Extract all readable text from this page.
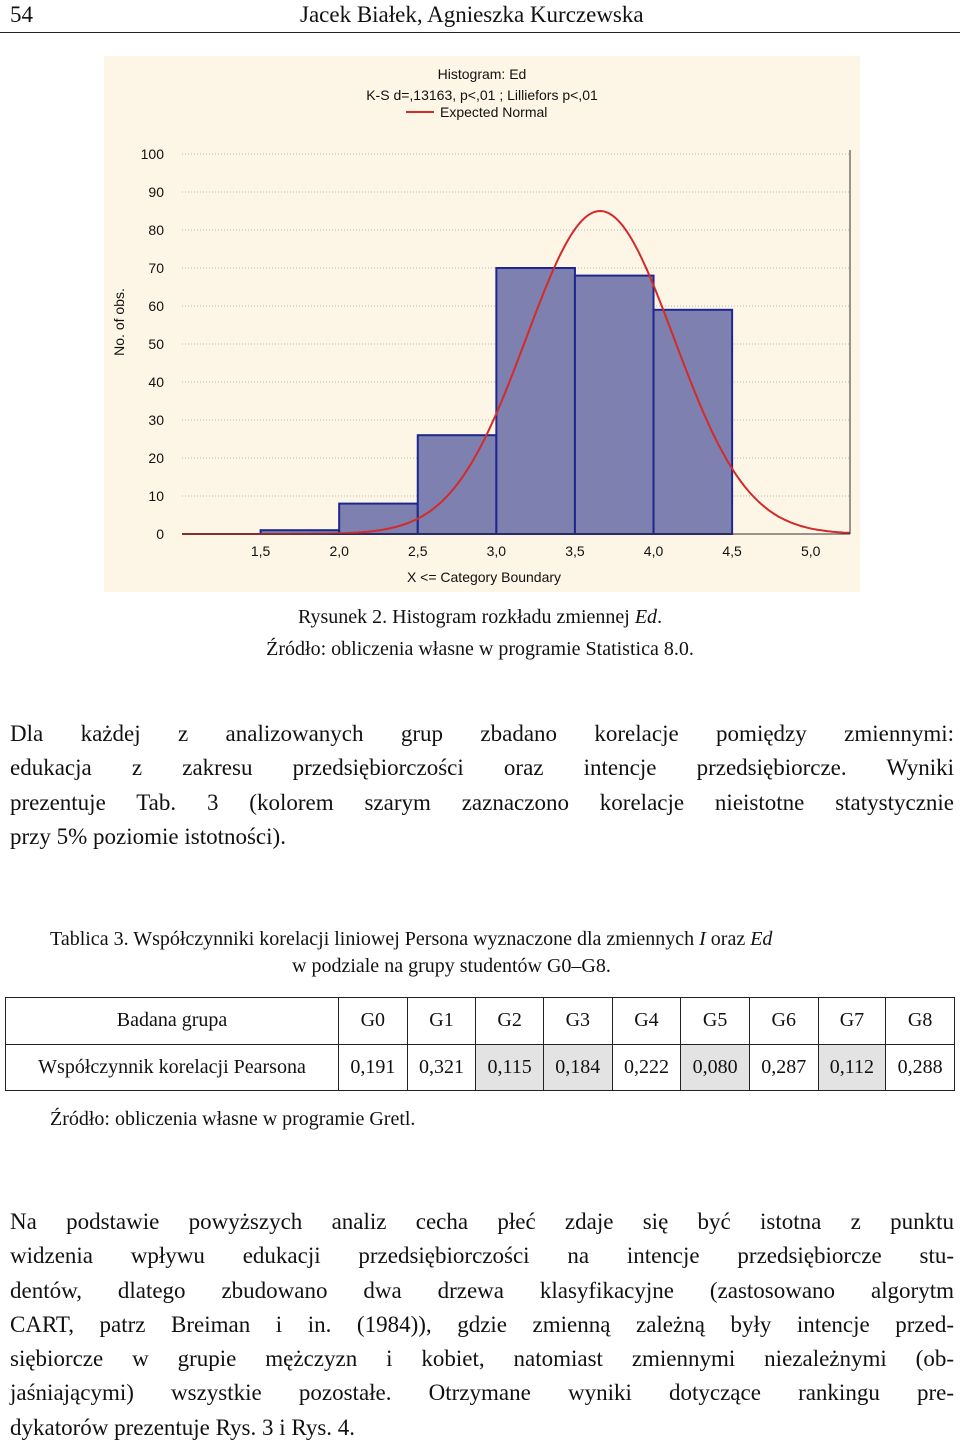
54	Jacek Białek, Agnieszka Kurczewska
0
10
20
30
40
50
60
70
80
90
100
1,5	2,0	2,5	3,0	3,5	4,0	4,5	5,0
X <= Category Boundary
No. of obs.
Histogram: Ed
K-S d=,13163, p<,01 ; Lilliefors p<,01
Expected Normal
Rysunek 2. Histogram rozkładu zmiennej Ed.
Źródło: obliczenia własne w programie Statistica 8.0.
Dla każdej z analizowanych grup zbadano korelacje pomiędzy zmiennymi:
edukacja z zakresu przedsiębiorczości oraz intencje przedsiębiorcze. Wyniki
prezentuje Tab. 3 (kolorem szarym zaznaczono korelacje nieistotne statystycznie
przy 5% poziomie istotności).
Tablica 3. Współczynniki korelacji liniowej Persona wyznaczone dla zmiennych I oraz Ed
w podziale na grupy studentów G0–G8.
Badana grupa	G0	G1	G2	G3	G4	G5	G6	G7	G8
Współczynnik korelacji Pearsona	0,191	0,321	0,115	0,184	0,222	0,080	0,287	0,112	0,288
Źródło: obliczenia własne w programie Gretl.
Na podstawie powyższych analiz cecha płeć zdaje się być istotna z punktu
widzenia wpływu edukacji przedsiębiorczości na intencje przedsiębiorcze stu-
dentów, dlatego zbudowano dwa drzewa klasyfikacyjne (zastosowano algorytm
CART, patrz Breiman i in. (1984)), gdzie zmienną zależną były intencje przed-
siębiorcze w grupie mężczyzn i kobiet, natomiast zmiennymi niezależnymi (ob-
jaśniającymi) wszystkie pozostałe. Otrzymane wyniki dotyczące rankingu pre-
dykatorów prezentuje Rys. 3 i Rys. 4.
